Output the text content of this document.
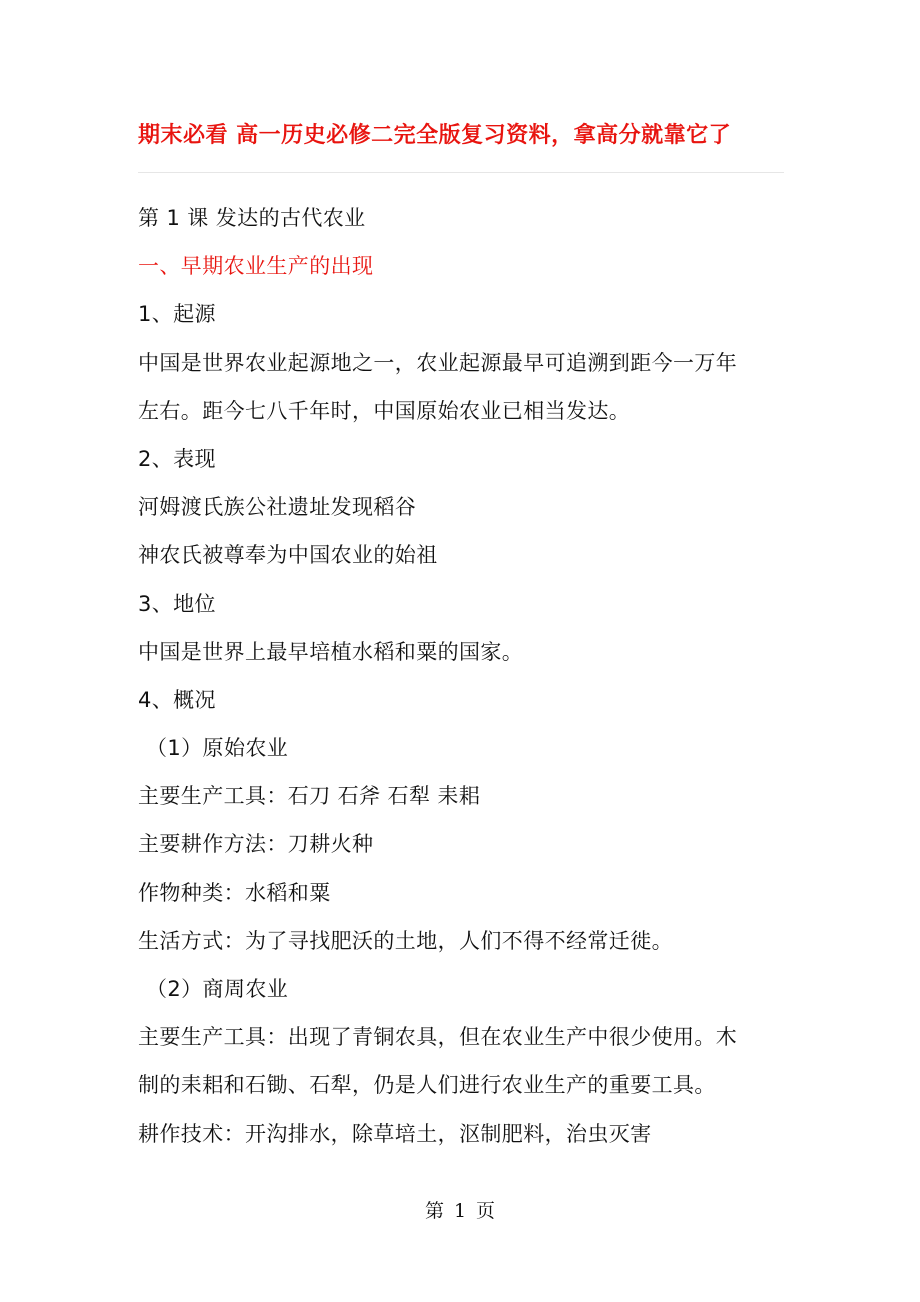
期末必看 高一历史必修二完全版复习资料，拿高分就靠它了
第 1 课 发达的古代农业
一、早期农业生产的出现
1、起源
中国是世界农业起源地之一，农业起源最早可追溯到距今一万年
左右。距今七八千年时，中国原始农业已相当发达。
2、表现
河姆渡氏族公社遗址发现稻谷
神农氏被尊奉为中国农业的始祖
3、地位
中国是世界上最早培植水稻和粟的国家。
4、概况
（1）原始农业
主要生产工具：石刀 石斧 石犁 耒耜
主要耕作方法：刀耕火种
作物种类：水稻和粟
生活方式：为了寻找肥沃的土地，人们不得不经常迁徙。
（2）商周农业
主要生产工具：出现了青铜农具，但在农业生产中很少使用。木
制的耒耜和石锄、石犁，仍是人们进行农业生产的重要工具。
耕作技术：开沟排水，除草培土，沤制肥料，治虫灭害
第 1 页
